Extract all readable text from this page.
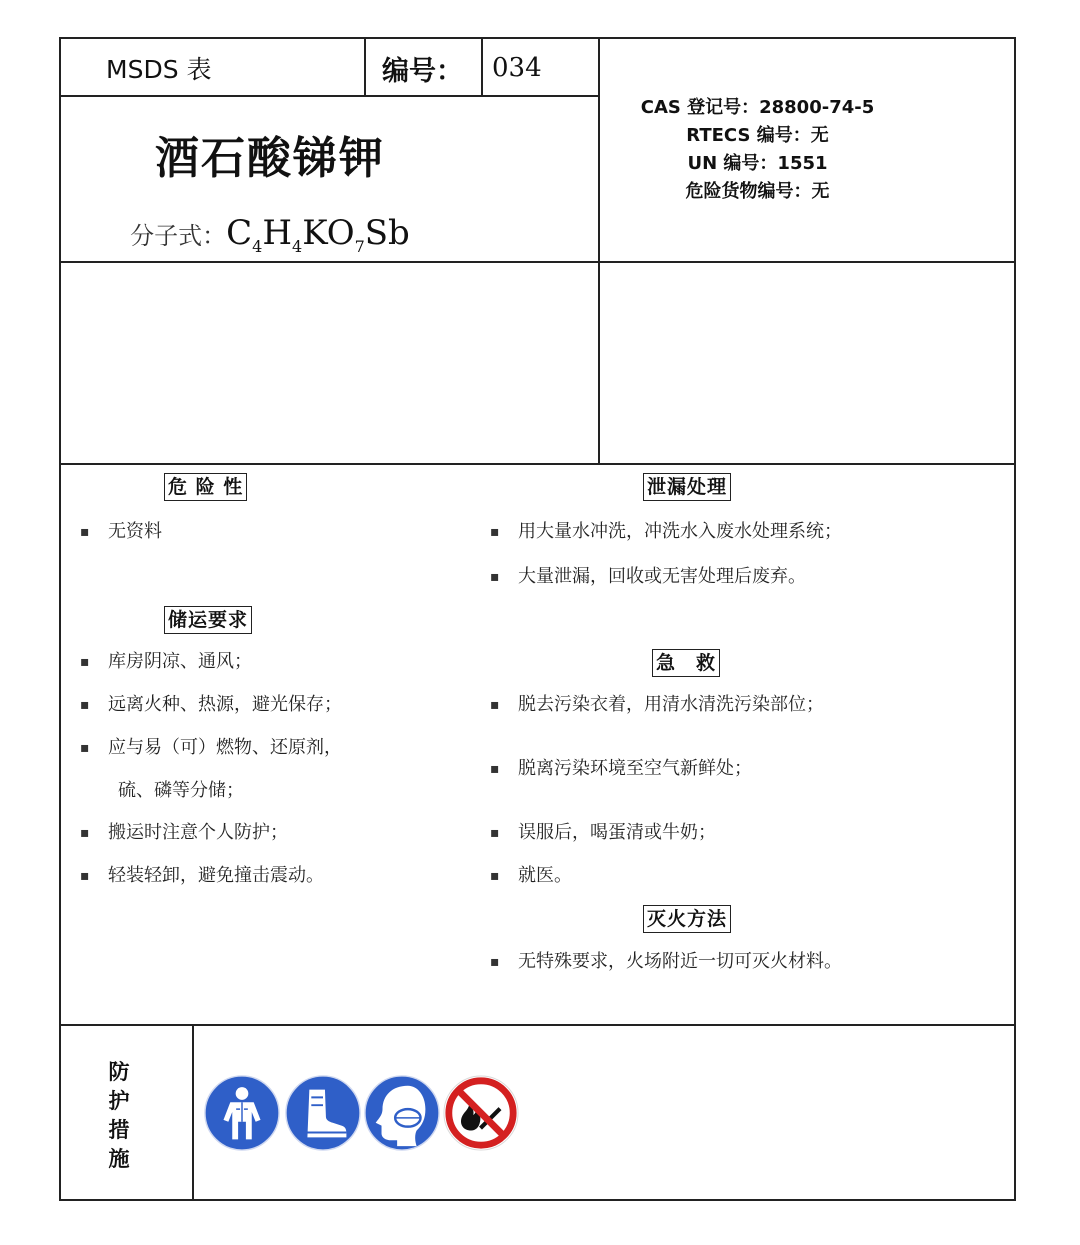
MSDS 表	编号： 034
酒石酸锑钾
分子式：$C_4H_4KO_7Sb$
CAS 登记号：28800-74-5
RTECS 编号：无
UN 编号：1551
危险货物编号：无
危 险 性
▪ 无资料
储运要求
▪ 库房阴凉、通风；
▪ 远离火种、热源，避光保存；
▪ 应与易（可）燃物、还原剂，
硫、磷等分储；
▪ 搬运时注意个人防护；
▪ 轻装轻卸，避免撞击震动。
泄漏处理
▪ 用大量水冲洗，冲洗水入废水处理系统；
▪ 大量泄漏，回收或无害处理后废弃。
急　救
▪ 脱去污染衣着，用清水清洗污染部位；
▪ 脱离污染环境至空气新鲜处；
▪ 误服后，喝蛋清或牛奶；
▪ 就医。
灭火方法
▪ 无特殊要求，火场附近一切可灭火材料。
防
护
措
施
